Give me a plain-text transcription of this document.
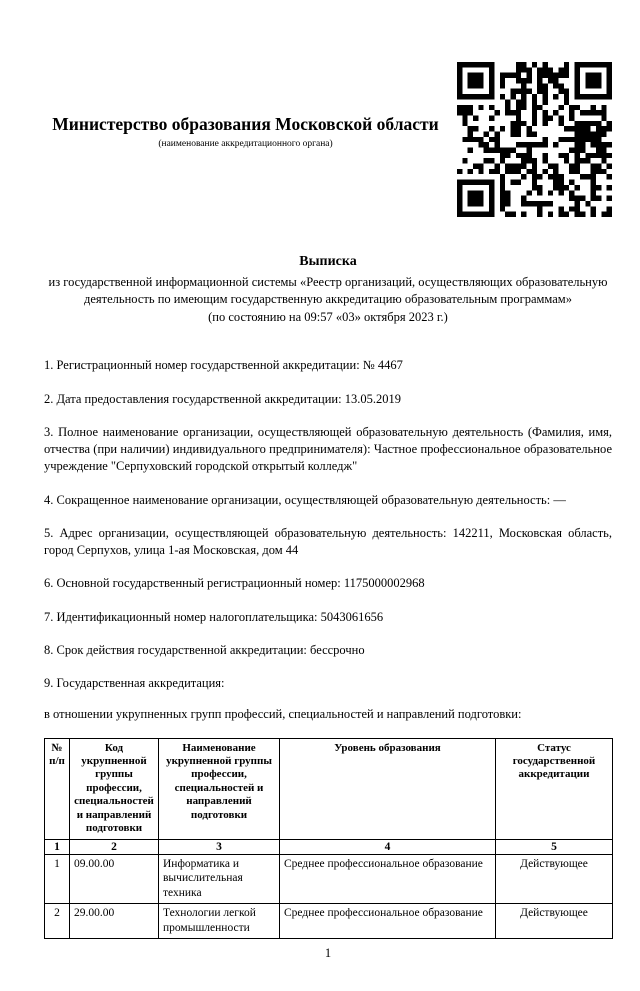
Министерство образования Московской области
(наименование аккредитационного органа)
Выписка
из государственной информационной системы «Реестр организаций, осуществляющих образовательную деятельность по имеющим государственную аккредитацию образовательным программам»
(по состоянию на 09:57 «03» октября 2023 г.)

1. Регистрационный номер государственной аккредитации: № 4467

2. Дата предоставления государственной аккредитации: 13.05.2019

3. Полное наименование организации, осуществляющей образовательную деятельность (Фамилия, имя, отчества (при наличии) индивидуального предпринимателя): Частное профессиональное образовательное учреждение "Серпуховский городской открытый колледж"

4. Сокращенное наименование организации, осуществляющей образовательную деятельность: —

5. Адрес организации, осуществляющей образовательную деятельность: 142211, Московская область, город Серпухов, улица 1-ая Московская, дом 44

6. Основной государственный регистрационный номер: 1175000002968

7. Идентификационный номер налогоплательщика: 5043061656

8. Срок действия государственной аккредитации: бессрочно

9. Государственная аккредитация:

в отношении укрупненных групп профессий, специальностей и направлений подготовки:

№ п/п	Код укрупненной группы профессии, специальностей и направлений подготовки	Наименование укрупненной группы профессии, специальностей и направлений подготовки	Уровень образования	Статус государственной аккредитации
1	2	3	4	5
1	09.00.00	Информатика и вычислительная техника	Среднее профессиональное образование	Действующее
2	29.00.00	Технологии легкой промышленности	Среднее профессиональное образование	Действующее
1
